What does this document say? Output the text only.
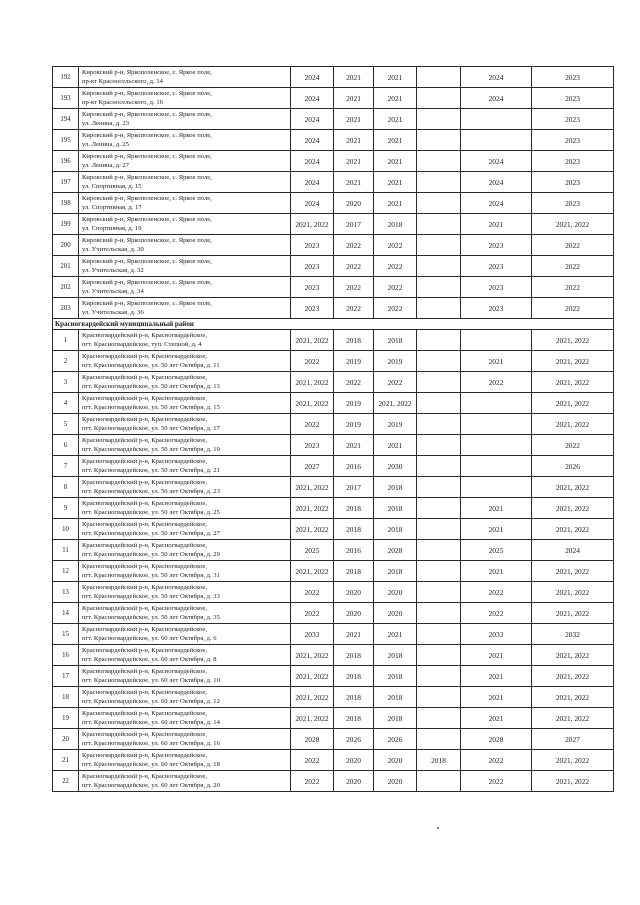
192	Кировский р-н, Яркополенское, с. Яркое поле,
пр-кт Красносельского, д. 14	2024	2021	2021		2024	2023
193	Кировский р-н, Яркополенское, с. Яркое поле,
пр-кт Красносельского, д. 16	2024	2021	2021		2024	2023
194	Кировский р-н, Яркополенское, с. Яркое поле,
ул. Ленина, д. 23	2024	2021	2021			2023
195	Кировский р-н, Яркополенское, с. Яркое поле,
ул. Ленина, д. 25	2024	2021	2021			2023
196	Кировский р-н, Яркополенское, с. Яркое поле,
ул. Ленина, д. 27	2024	2021	2021		2024	2023
197	Кировский р-н, Яркополенское, с. Яркое поле,
ул. Спортивная, д. 15	2024	2021	2021		2024	2023
198	Кировский р-н, Яркополенское, с. Яркое поле,
ул. Спортивная, д. 17	2024	2020	2021		2024	2023
199	Кировский р-н, Яркополенское, с. Яркое поле,
ул. Спортивная, д. 19	2021, 2022	2017	2018		2021	2021, 2022
200	Кировский р-н, Яркополенское, с. Яркое поле,
ул. Учительская, д. 30	2023	2022	2022		2023	2022
201	Кировский р-н, Яркополенское, с. Яркое поле,
ул. Учительская, д. 32	2023	2022	2022		2023	2022
202	Кировский р-н, Яркополенское, с. Яркое поле,
ул. Учительская, д. 34	2023	2022	2022		2023	2022
203	Кировский р-н, Яркополенское, с. Яркое поле,
ул. Учительская, д. 36	2023	2022	2022		2023	2022
Красногвардейский муниципальный район							
1	Красногвардейский р-н, Красногвардейское,
пгт. Красногвардейское, туп. Степной, д. 4	2021, 2022	2018	2018			2021, 2022
2	Красногвардейский р-н, Красногвардейское,
пгт. Красногвардейское, ул. 50 лет Октября, д. 11	2022	2019	2019		2021	2021, 2022
3	Красногвардейский р-н, Красногвардейское,
пгт. Красногвардейское, ул. 50 лет Октября, д. 13	2021, 2022	2022	2022		2022	2021, 2022
4	Красногвардейский р-н, Красногвардейское,
пгт. Красногвардейское, ул. 50 лет Октября, д. 15	2021, 2022	2019	2021, 2022			2021, 2022
5	Красногвардейский р-н, Красногвардейское,
пгт. Красногвардейское, ул. 50 лет Октября, д. 17	2022	2019	2019			2021, 2022
6	Красногвардейский р-н, Красногвардейское,
пгт. Красногвардейское, ул. 50 лет Октября, д. 19	2023	2021	2021			2022
7	Красногвардейский р-н, Красногвардейское,
пгт. Красногвардейское, ул. 50 лет Октября, д. 21	2027	2016	2030			2026
8	Красногвардейский р-н, Красногвардейское,
пгт. Красногвардейское, ул. 50 лет Октября, д. 23	2021, 2022	2017	2018			2021, 2022
9	Красногвардейский р-н, Красногвардейское,
пгт. Красногвардейское, ул. 50 лет Октября, д. 25	2021, 2022	2018	2018		2021	2021, 2022
10	Красногвардейский р-н, Красногвардейское,
пгт. Красногвардейское, ул. 50 лет Октября, д. 27	2021, 2022	2018	2018		2021	2021, 2022
11	Красногвардейский р-н, Красногвардейское,
пгт. Красногвардейское, ул. 50 лет Октября, д. 29	2025	2016	2028		2025	2024
12	Красногвардейский р-н, Красногвардейское,
пгт. Красногвардейское, ул. 50 лет Октября, д. 31	2021, 2022	2018	2018		2021	2021, 2022
13	Красногвардейский р-н, Красногвардейское,
пгт. Красногвардейское, ул. 50 лет Октября, д. 33	2022	2020	2020		2022	2021, 2022
14	Красногвардейский р-н, Красногвардейское,
пгт. Красногвардейское, ул. 50 лет Октября, д. 35	2022	2020	2020		2022	2021, 2022
15	Красногвардейский р-н, Красногвардейское,
пгт. Красногвардейское, ул. 60 лет Октября, д. 6	2033	2021	2021		2033	2032
16	Красногвардейский р-н, Красногвардейское,
пгт. Красногвардейское, ул. 60 лет Октября, д. 8	2021, 2022	2018	2018		2021	2021, 2022
17	Красногвардейский р-н, Красногвардейское,
пгт. Красногвардейское, ул. 60 лет Октября, д. 10	2021, 2022	2018	2018		2021	2021, 2022
18	Красногвардейский р-н, Красногвардейское,
пгт. Красногвардейское, ул. 60 лет Октября, д. 12	2021, 2022	2018	2018		2021	2021, 2022
19	Красногвардейский р-н, Красногвардейское,
пгт. Красногвардейское, ул. 60 лет Октября, д. 14	2021, 2022	2018	2018		2021	2021, 2022
20	Красногвардейский р-н, Красногвардейское,
пгт. Красногвардейское, ул. 60 лет Октября, д. 16	2028	2026	2026		2028	2027
21	Красногвардейский р-н, Красногвардейское,
пгт. Красногвардейское, ул. 60 лет Октября, д. 18	2022	2020	2020	2018	2022	2021, 2022
22	Красногвардейский р-н, Красногвардейское,
пгт. Красногвардейское, ул. 60 лет Октября, д. 20	2022	2020	2020		2022	2021, 2022
